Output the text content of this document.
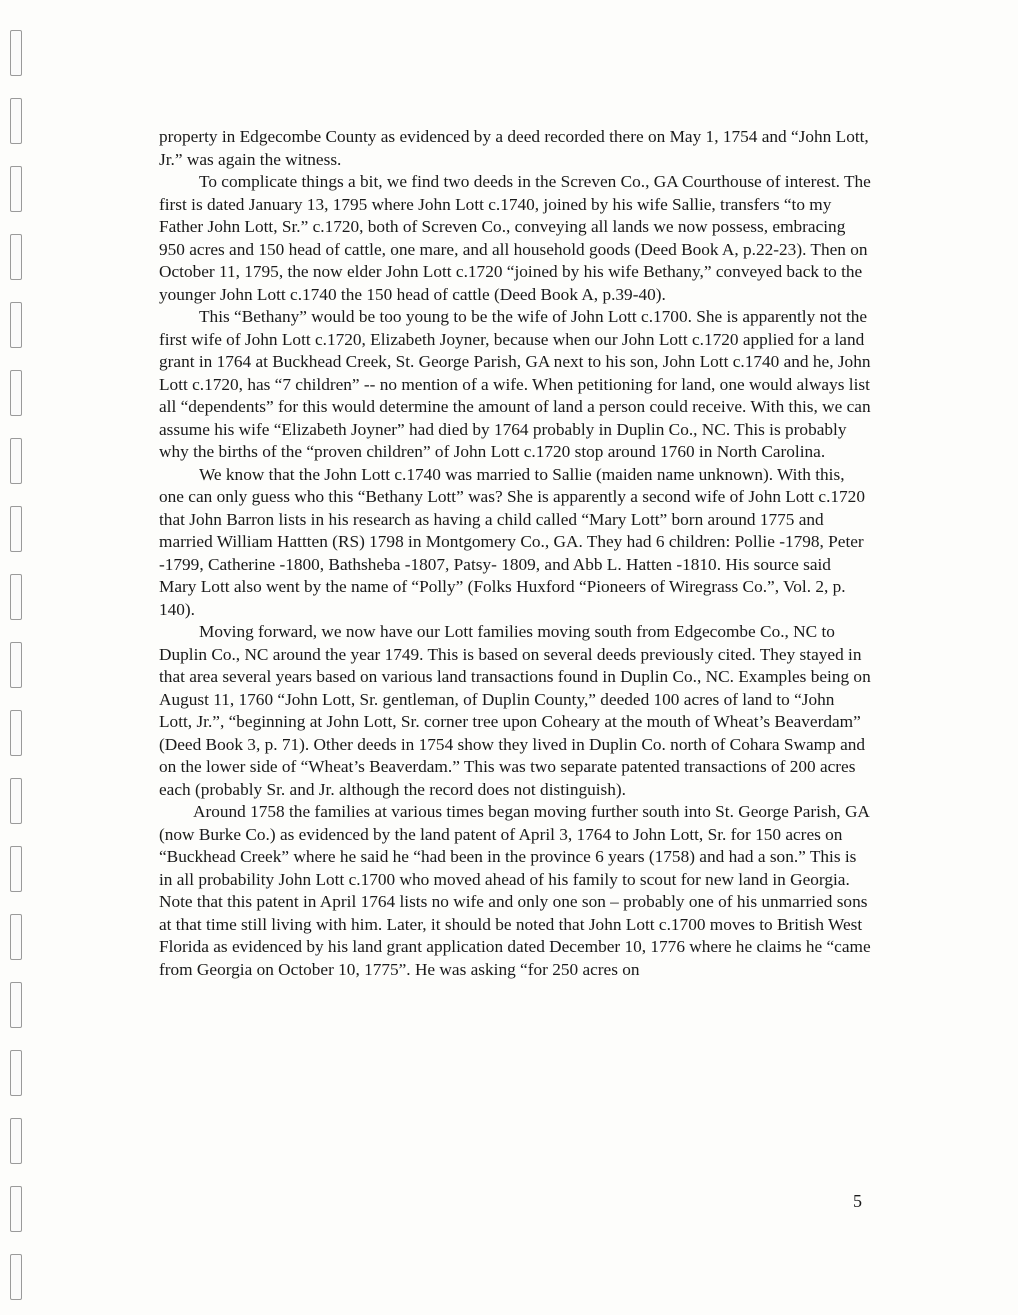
property in Edgecombe County as evidenced by a deed recorded there on May 1, 1754 and “John Lott, Jr.” was again the witness.

To complicate things a bit, we find two deeds in the Screven Co., GA Courthouse of interest. The first is dated January 13, 1795 where John Lott c.1740, joined by his wife Sallie, transfers “to my Father John Lott, Sr.” c.1720, both of Screven Co., conveying all lands we now possess, embracing 950 acres and 150 head of cattle, one mare, and all household goods (Deed Book A, p.22-23). Then on October 11, 1795, the now elder John Lott c.1720 “joined by his wife Bethany,” conveyed back to the younger John Lott c.1740 the 150 head of cattle (Deed Book A, p.39-40).

This “Bethany” would be too young to be the wife of John Lott c.1700. She is apparently not the first wife of John Lott c.1720, Elizabeth Joyner, because when our John Lott c.1720 applied for a land grant in 1764 at Buckhead Creek, St. George Parish, GA next to his son, John Lott c.1740 and he, John Lott c.1720, has “7 children” -- no mention of a wife. When petitioning for land, one would always list all “dependents” for this would determine the amount of land a person could receive. With this, we can assume his wife “Elizabeth Joyner” had died by 1764 probably in Duplin Co., NC. This is probably why the births of the “proven children” of John Lott c.1720 stop around 1760 in North Carolina.

We know that the John Lott c.1740 was married to Sallie (maiden name unknown). With this, one can only guess who this “Bethany Lott” was? She is apparently a second wife of John Lott c.1720 that John Barron lists in his research as having a child called “Mary Lott” born around 1775 and married William Hattten (RS) 1798 in Montgomery Co., GA. They had 6 children: Pollie -1798, Peter -1799, Catherine -1800, Bathsheba -1807, Patsy- 1809, and Abb L. Hatten -1810. His source said Mary Lott also went by the name of “Polly” (Folks Huxford “Pioneers of Wiregrass Co.”, Vol. 2, p. 140).

Moving forward, we now have our Lott families moving south from Edgecombe Co., NC to Duplin Co., NC around the year 1749. This is based on several deeds previously cited. They stayed in that area several years based on various land transactions found in Duplin Co., NC. Examples being on August 11, 1760 “John Lott, Sr. gentleman, of Duplin County,” deeded 100 acres of land to “John Lott, Jr.”, “beginning at John Lott, Sr. corner tree upon Coheary at the mouth of Wheat’s Beaverdam” (Deed Book 3, p. 71). Other deeds in 1754 show they lived in Duplin Co. north of Cohara Swamp and on the lower side of “Wheat’s Beaverdam.” This was two separate patented transactions of 200 acres each (probably Sr. and Jr. although the record does not distinguish).

Around 1758 the families at various times began moving further south into St. George Parish, GA (now Burke Co.) as evidenced by the land patent of April 3, 1764 to John Lott, Sr. for 150 acres on “Buckhead Creek” where he said he “had been in the province 6 years (1758) and had a son.” This is in all probability John Lott c.1700 who moved ahead of his family to scout for new land in Georgia. Note that this patent in April 1764 lists no wife and only one son – probably one of his unmarried sons at that time still living with him. Later, it should be noted that John Lott c.1700 moves to British West Florida as evidenced by his land grant application dated December 10, 1776 where he claims he “came from Georgia on October 10, 1775”. He was asking “for 250 acres on

5
